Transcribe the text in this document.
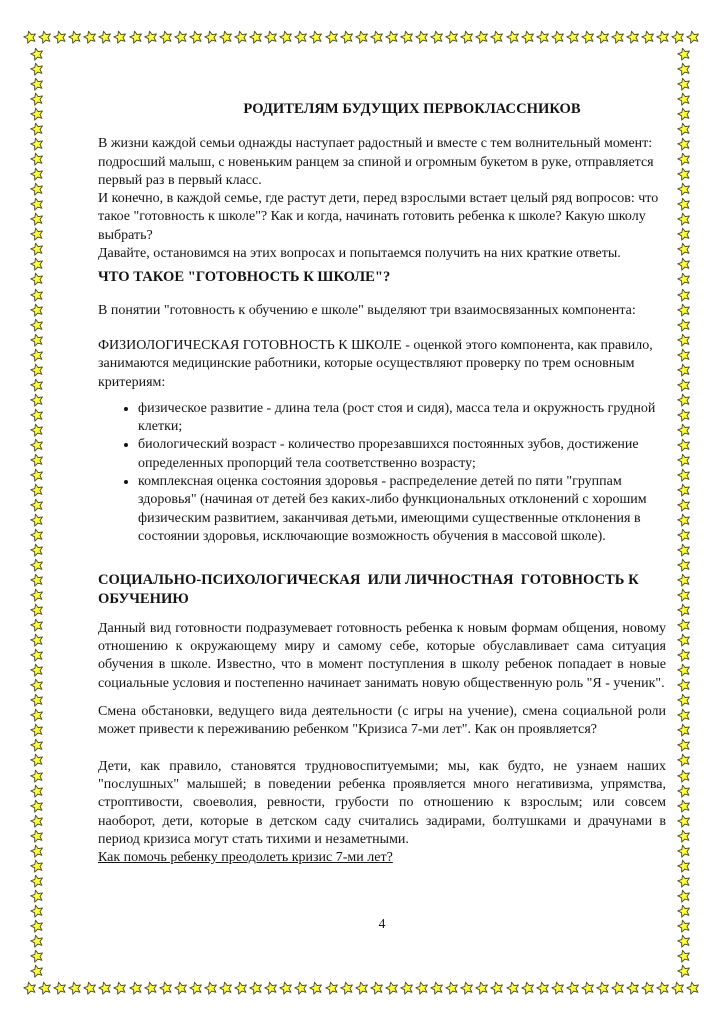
РОДИТЕЛЯМ БУДУЩИХ ПЕРВОКЛАССНИКОВ

В жизни каждой семьи однажды наступает радостный и вместе с тем волнительный момент: подросший малыш, с новеньким ранцем за спиной и огромным букетом в руке, отправляется первый раз в первый класс.

И конечно, в каждой семье, где растут дети, перед взрослыми встает целый ряд вопросов: что такое "готовность к школе"? Как и когда, начинать готовить ребенка к школе? Какую школу выбрать?

Давайте, остановимся на этих вопросах и попытаемся получить на них краткие ответы.

ЧТО ТАКОЕ "ГОТОВНОСТЬ К ШКОЛЕ"?

В понятии "готовность к обучению е школе" выделяют три взаимосвязанных компонента:

ФИЗИОЛОГИЧЕСКАЯ ГОТОВНОСТЬ К ШКОЛЕ - оценкой этого компонента, как правило, занимаются медицинские работники, которые осуществляют проверку по трем основным критериям:

• физическое развитие - длина тела (рост стоя и сидя), масса тела и окружность грудной клетки;
• биологический возраст - количество прорезавшихся постоянных зубов, достижение определенных пропорций тела соответственно возрасту;
• комплексная оценка состояния здоровья - распределение детей по пяти "группам здоровья" (начиная от детей без каких-либо функциональных отклонений с хорошим физическим развитием, заканчивая детьми, имеющими существенные отклонения в состоянии здоровья, исключающие возможность обучения в массовой школе).
СОЦИАЛЬНО-ПСИХОЛОГИЧЕСКАЯ  ИЛИ ЛИЧНОСТНАЯ  ГОТОВНОСТЬ К ОБУЧЕНИЮ

Данный вид готовности подразумевает готовность ребенка к новым формам общения, новому отношению к окружающему миру и самому себе, которые обуславливает сама ситуация обучения в школе. Известно, что в момент поступления в школу ребенок попадает в новые социальные условия и постепенно начинает занимать новую общественную роль "Я - ученик".

Смена обстановки, ведущего вида деятельности (с игры на учение), смена социальной роли может привести к переживанию ребенком "Кризиса 7-ми лет". Как он проявляется?

Дети, как правило, становятся трудновоспитуемыми; мы, как будто, не узнаем наших "послушных" малышей; в поведении ребенка проявляется много негативизма, упрямства, строптивости, своеволия, ревности, грубости по отношению к взрослым; или совсем наоборот, дети, которые в детском саду считались задирами, болтушками и драчунами в период кризиса могут стать тихими и незаметными.

Как помочь ребенку преодолеть кризис 7-ми лет?

4
